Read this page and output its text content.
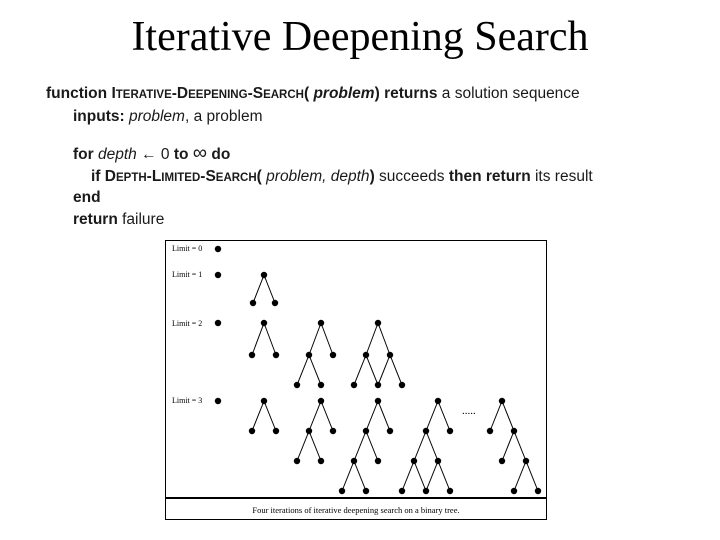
Iterative Deepening Search
function ITERATIVE-DEEPENING-SEARCH( problem) returns a solution sequence
inputs: problem, a problem
for depth ← 0 to ∞ do
if DEPTH-LIMITED-SEARCH( problem, depth) succeeds then return its result
end
return failure
Limit = 0
Limit = 1
Limit = 2
Limit = 3
.....
Four iterations of iterative deepening search on a binary tree.
